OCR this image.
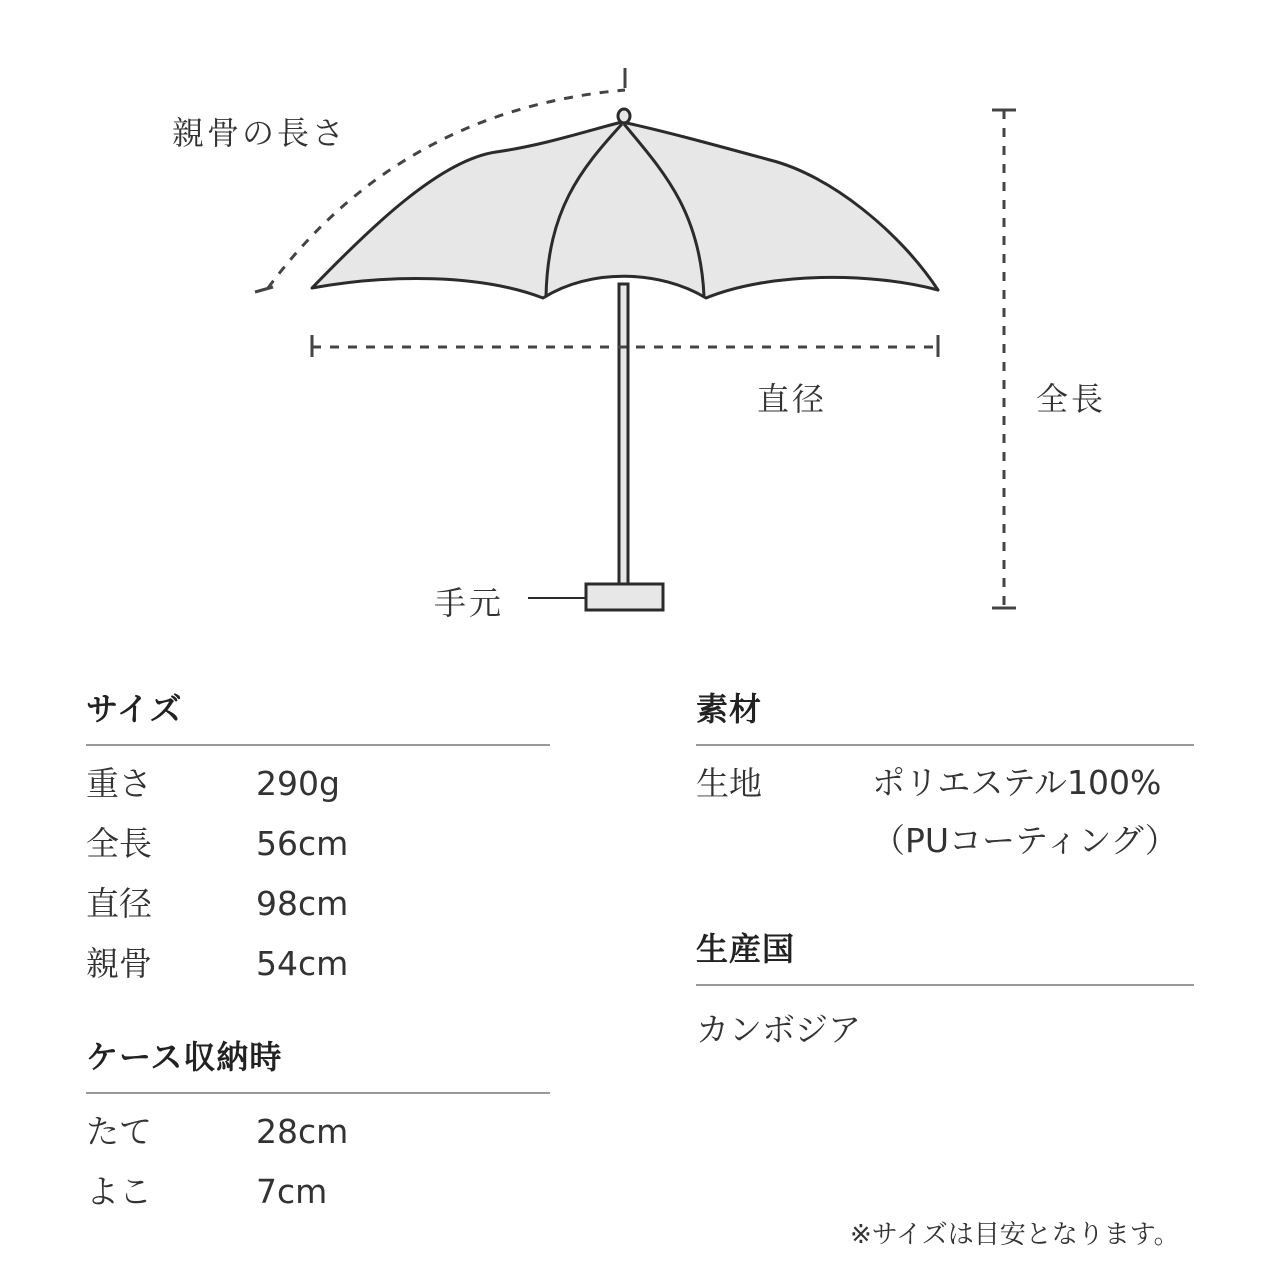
親骨の長さ
直径	全長
手元
サイズ
重さ	290g
全長	56cm
直径	98cm
親骨	54cm
ケース収納時
たて	28cm
よこ	7cm
素材
生地	ポリエステル100%
（PUコーティング）
生産国
カンボジア
※サイズは目安となります。
